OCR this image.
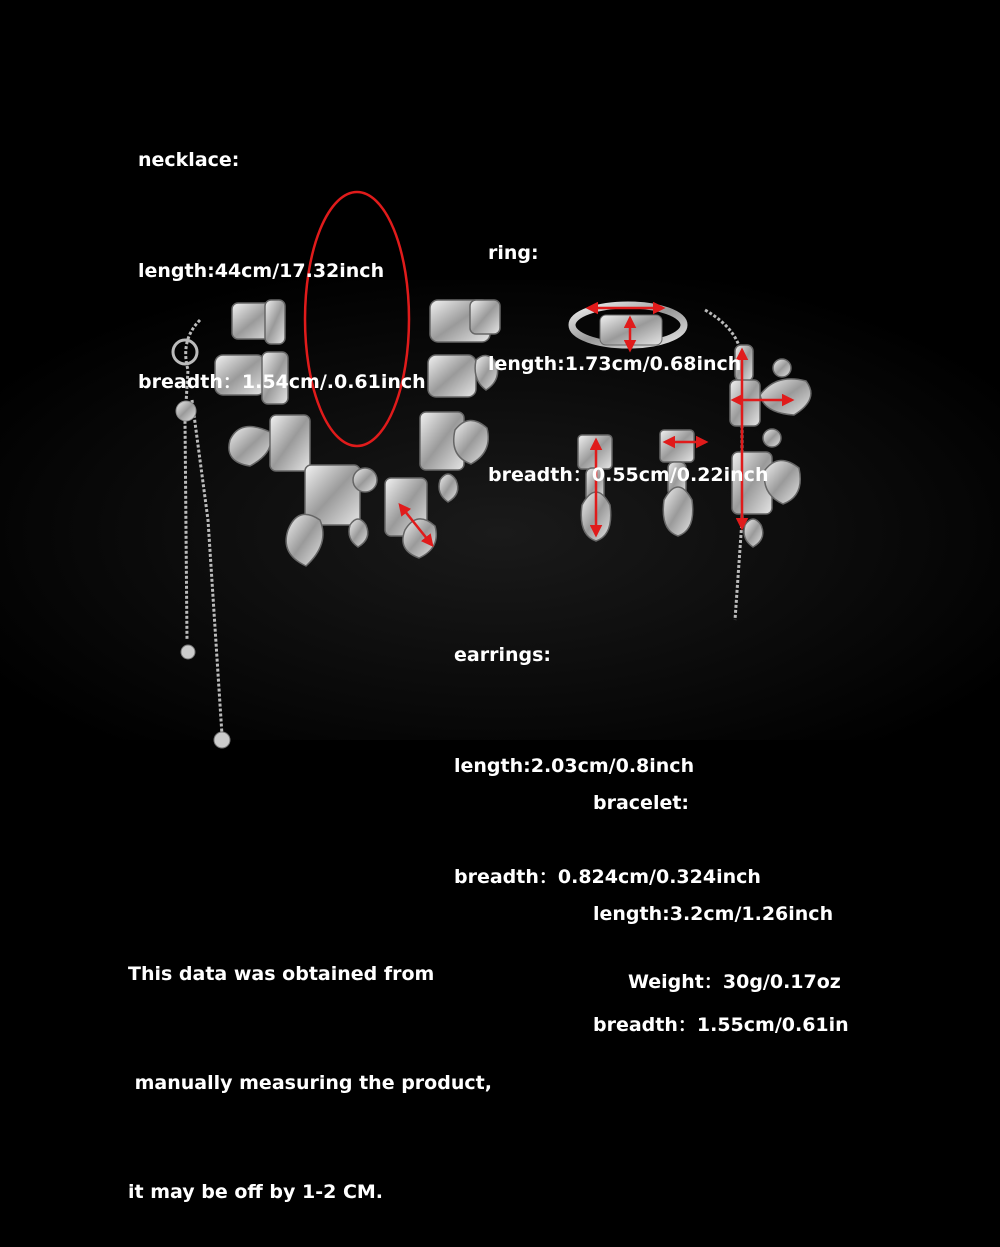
necklace:

length:44cm/17.32inch

breadth：1.54cm/.0.61inch

ring:

length:1.73cm/0.68inch

breadth：0.55cm/0.22inch

earrings:

length:2.03cm/0.8inch

breadth：0.824cm/0.324inch

bracelet:

length:3.2cm/1.26inch

breadth：1.55cm/0.61in

This data was obtained from

manually measuring the product,

it may be off by 1-2 CM.

Weight：30g/0.17oz
